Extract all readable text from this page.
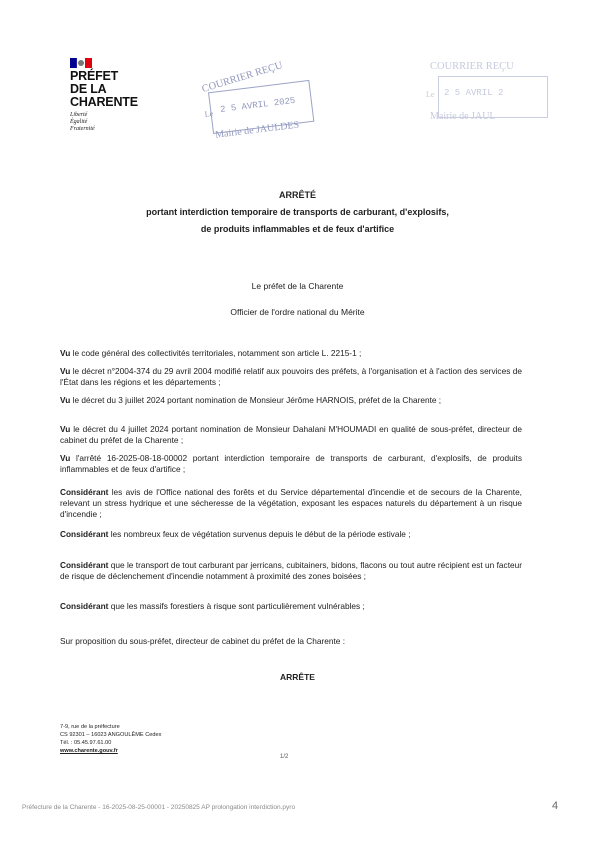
PRÉFET
DE LA
CHARENTE
Liberté
Égalité
Fraternité
COURRIER REÇU
Le 2 5 AVRIL 2025
Mairie de JAULDES
COURRIER REÇU
Le 2 5 AVRIL 2
Mairie de JAUL
ARRÊTÉ
portant interdiction temporaire de transports de carburant, d'explosifs,
de produits inflammables et de feux d'artifice
Le préfet de la Charente
Officier de l'ordre national du Mérite

Vu le code général des collectivités territoriales, notamment son article L. 2215-1 ;

Vu le décret n°2004-374 du 29 avril 2004 modifié relatif aux pouvoirs des préfets, à l'organisation et à l'action des services de l'État dans les régions et les départements ;

Vu le décret du 3 juillet 2024 portant nomination de Monsieur Jérôme HARNOIS, préfet de la Charente ;

Vu le décret du 4 juillet 2024 portant nomination de Monsieur Dahalani M'HOUMADI en qualité de sous-préfet, directeur de cabinet du préfet de la Charente ;

Vu l'arrêté 16-2025-08-18-00002 portant interdiction temporaire de transports de carburant, d'explosifs, de produits inflammables et de feux d'artifice ;

Considérant les avis de l'Office national des forêts et du Service départemental d'incendie et de secours de la Charente, relevant un stress hydrique et une sécheresse de la végétation, exposant les espaces naturels du département à un risque d'incendie ;

Considérant les nombreux feux de végétation survenus depuis le début de la période estivale ;

Considérant que le transport de tout carburant par jerricans, cubitainers, bidons, flacons ou tout autre récipient est un facteur de risque de déclenchement d'incendie notamment à proximité des zones boisées ;

Considérant que les massifs forestiers à risque sont particulièrement vulnérables ;

Sur proposition du sous-préfet, directeur de cabinet du préfet de la Charente :

ARRÊTE
7-9, rue de la préfecture
CS 92301 – 16023 ANGOULÊME Cedex
Tél. : 05.45.97.61.00
www.charente.gouv.fr
1/2
Préfecture de la Charente - 16-2025-08-25-00001 - 20250825 AP prolongation interdiction.pyro	4
